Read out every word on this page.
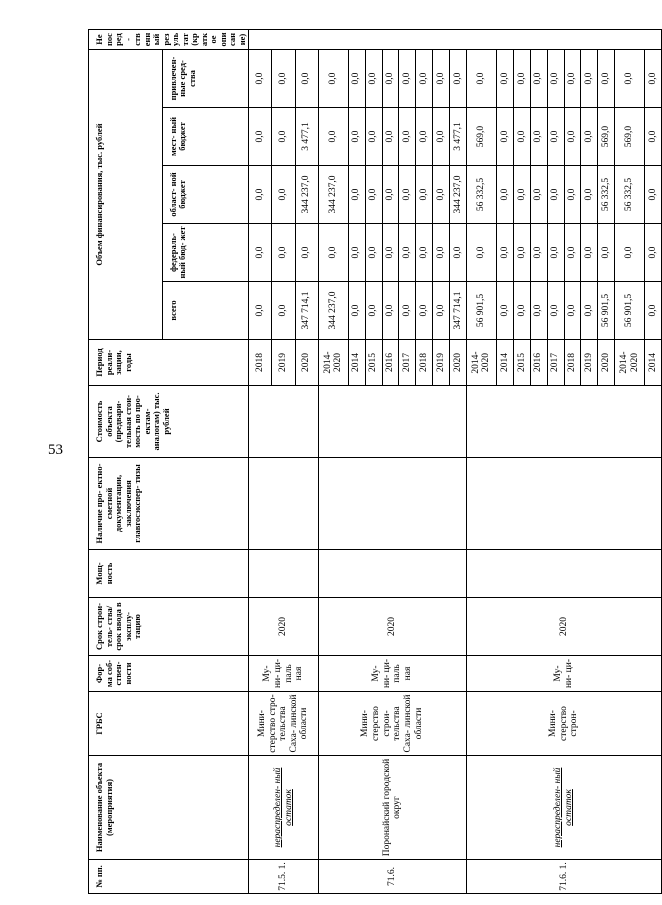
53
№ пп.	Наименование объекта (мероприятия)	ГРБС	Фор- ма соб- ствен- ности	Срок строи- тель- ства/срок ввода в эксплу- тацию	Мощ- ность	Наличие про- ектно-сметной документации, заключения главгосэкспер- тизы	Стоимость объекта (предвари- тельная стои- мость по про- ектам- аналогам) тыс. рублей	Период реали- зации, годы	Объем финансирования, тыс. рублей					Непосред- ственный результат (краткое описание)
									всего	федераль- ный бюд- жет	област- ной бюджет	мест- ный бюджет	привлечен- ные сред- ства	
71.5. 1.	нераспределен- ный остаток	Мини- стерство стро- тельства Саха- линской области	Му- ни- ци- паль ная	2020				2018	0,0	0,0	0,0	0,0	0,0	
								2019	0,0	0,0	0,0	0,0	0,0	
								2020	347 714,1	0,0	344 237,0	3 477,1	0,0	
71.6.	Поронайский городской округ	Мини- стерство строи- тельства Саха- линской области	Му- ни- ци- паль ная	2020				2014- 2020	344 237,0	0,0	344 237,0	0,0	0,0	
								2014	0,0	0,0	0,0	0,0	0,0	
								2015	0,0	0,0	0,0	0,0	0,0	
								2016	0,0	0,0	0,0	0,0	0,0	
								2017	0,0	0,0	0,0	0,0	0,0	
								2018	0,0	0,0	0,0	0,0	0,0	
								2019	0,0	0,0	0,0	0,0	0,0	
								2020	347 714,1	0,0	344 237,0	3 477,1	0,0	
71.6. 1.	нераспределен- ный остаток	Мини- стерство строн-	Му- ни- ци-	2020				2014- 2020	56 901,5	0,0	56 332,5	569,0	0,0	
								2014	0,0	0,0	0,0	0,0	0,0	
								2015	0,0	0,0	0,0	0,0	0,0	
								2016	0,0	0,0	0,0	0,0	0,0	
								2017	0,0	0,0	0,0	0,0	0,0	
								2018	0,0	0,0	0,0	0,0	0,0	
								2019	0,0	0,0	0,0	0,0	0,0	
								2020	56 901,5	0,0	56 332,5	569,0	0,0	
								2014- 2020	56 901,5	0,0	56 332,5	569,0	0,0	
								2014	0,0	0,0	0,0	0,0	0,0	
